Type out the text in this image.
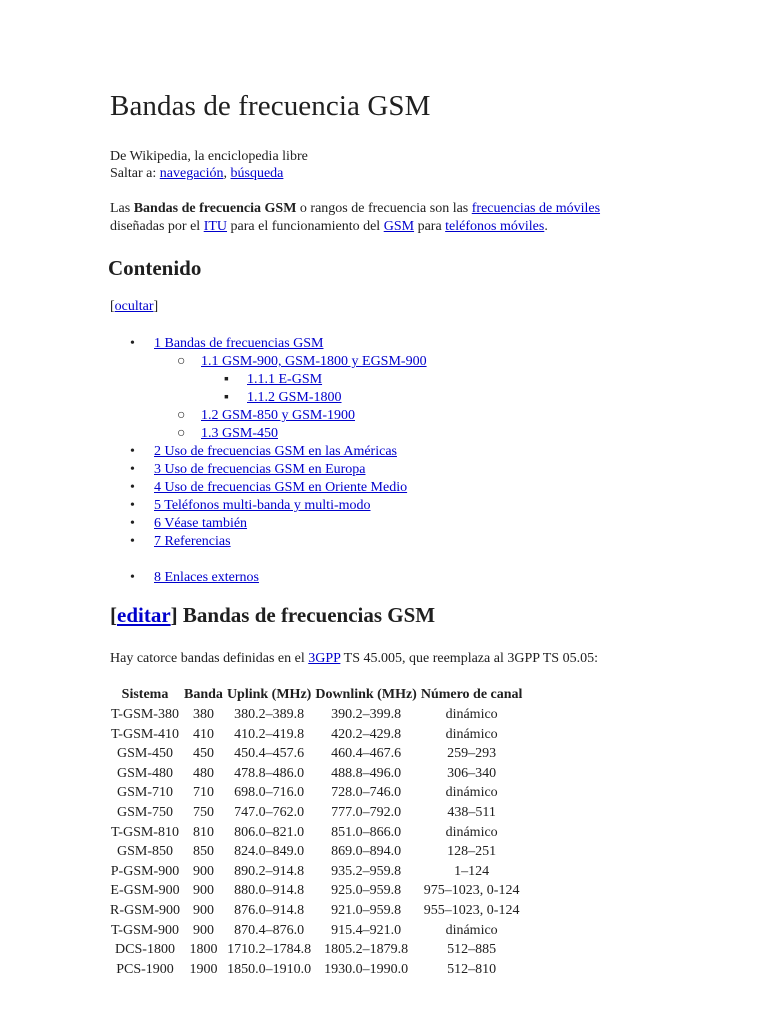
Bandas de frecuencia GSM
De Wikipedia, la enciclopedia libre
Saltar a: navegación, búsqueda
Las Bandas de frecuencia GSM o rangos de frecuencia son las frecuencias de móviles
diseñadas por el ITU para el funcionamiento del GSM para teléfonos móviles.
Contenido
[ocultar]
• 1 Bandas de frecuencias GSM
○ 1.1 GSM-900, GSM-1800 y EGSM-900
▪ 1.1.1 E-GSM
▪ 1.1.2 GSM-1800
○ 1.2 GSM-850 y GSM-1900
○ 1.3 GSM-450
• 2 Uso de frecuencias GSM en las Américas
• 3 Uso de frecuencias GSM en Europa
• 4 Uso de frecuencias GSM en Oriente Medio
• 5 Teléfonos multi-banda y multi-modo
• 6 Véase también
• 7 Referencias
• 8 Enlaces externos
[editar] Bandas de frecuencias GSM
Hay catorce bandas definidas en el 3GPP TS 45.005, que reemplaza al 3GPP TS 05.05:
Sistema	Banda	Uplink (MHz)	Downlink (MHz)	Número de canal
T-GSM-380	380	380.2–389.8	390.2–399.8	dinámico
T-GSM-410	410	410.2–419.8	420.2–429.8	dinámico
GSM-450	450	450.4–457.6	460.4–467.6	259–293
GSM-480	480	478.8–486.0	488.8–496.0	306–340
GSM-710	710	698.0–716.0	728.0–746.0	dinámico
GSM-750	750	747.0–762.0	777.0–792.0	438–511
T-GSM-810	810	806.0–821.0	851.0–866.0	dinámico
GSM-850	850	824.0–849.0	869.0–894.0	128–251
P-GSM-900	900	890.2–914.8	935.2–959.8	1–124
E-GSM-900	900	880.0–914.8	925.0–959.8	975–1023, 0-124
R-GSM-900	900	876.0–914.8	921.0–959.8	955–1023, 0-124
T-GSM-900	900	870.4–876.0	915.4–921.0	dinámico
DCS-1800	1800	1710.2–1784.8	1805.2–1879.8	512–885
PCS-1900	1900	1850.0–1910.0	1930.0–1990.0	512–810
